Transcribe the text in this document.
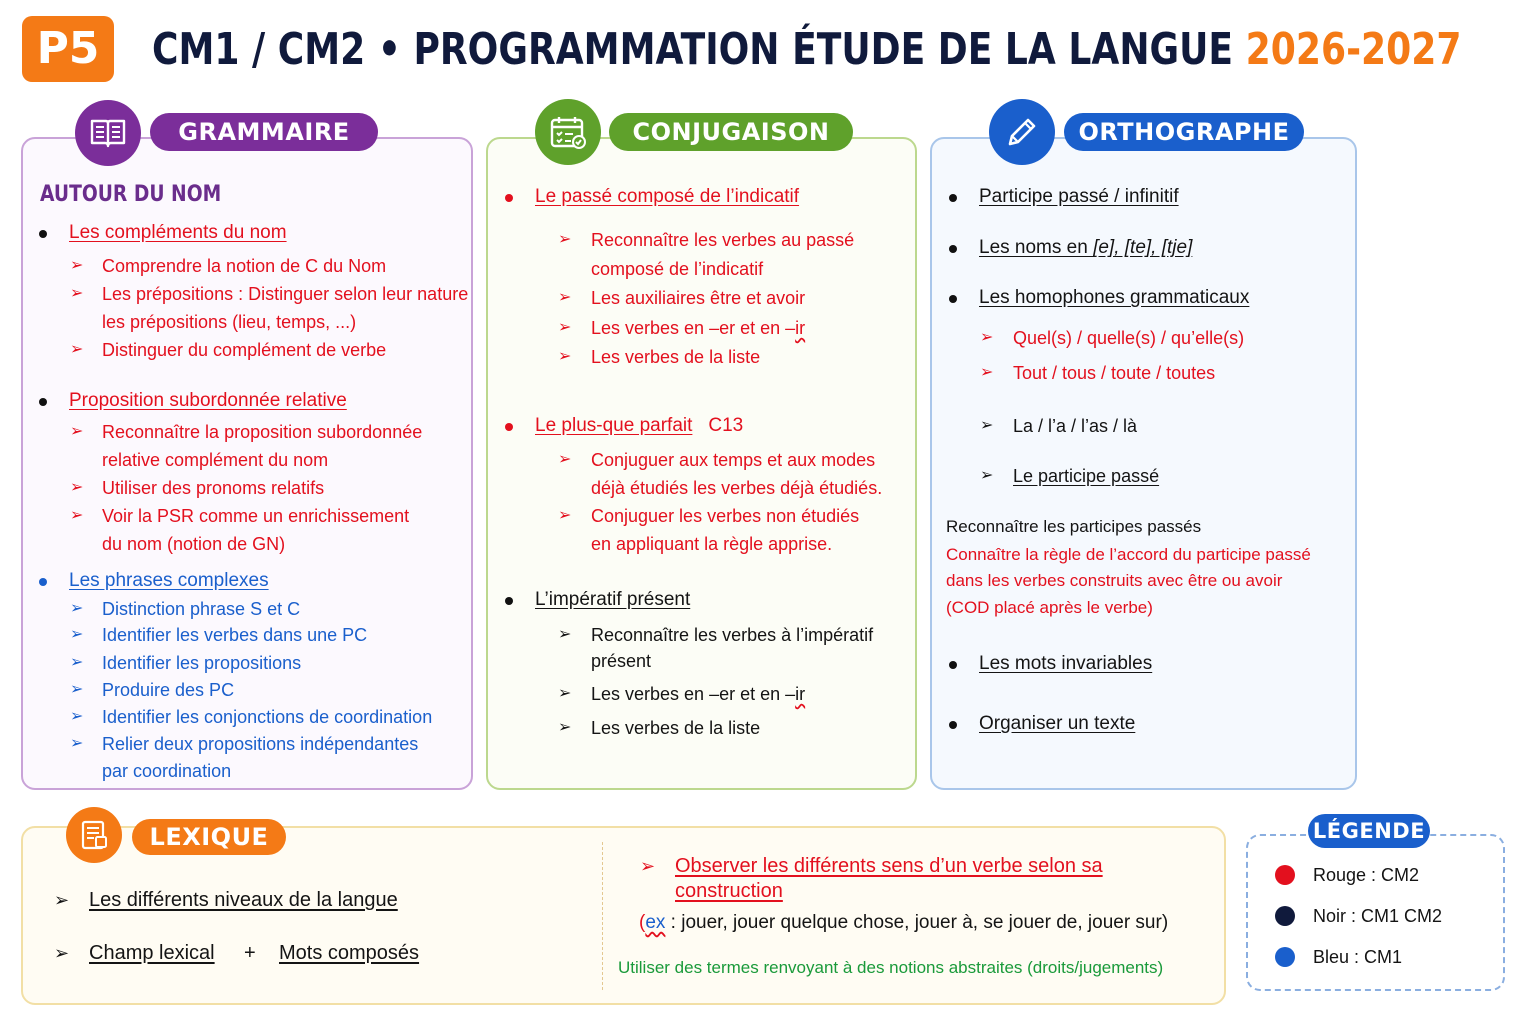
P5	CM1 / CM2 • PROGRAMMATION ÉTUDE DE LA LANGUE 2026-2027
GRAMMAIRE
AUTOUR DU NOM
Les compléments du nom
➢ Comprendre la notion de C du Nom
➢ Les prépositions : Distinguer selon leur nature
les prépositions (lieu, temps, ...)
➢ Distinguer du complément de verbe
Proposition subordonnée relative
➢ Reconnaître la proposition subordonnée
relative complément du nom
➢ Utiliser des pronoms relatifs
➢ Voir la PSR comme un enrichissement
du nom (notion de GN)
Les phrases complexes
➢ Distinction phrase S et C
➢ Identifier les verbes dans une PC
➢ Identifier les propositions
➢ Produire des PC
➢ Identifier les conjonctions de coordination
➢ Relier deux propositions indépendantes
par coordination
CONJUGAISON
Le passé composé de l’indicatif
➢ Reconnaître les verbes au passé
composé de l’indicatif
➢ Les auxiliaires être et avoir
➢ Les verbes en –er et en –ir
➢ Les verbes de la liste
Le plus-que parfait C13
➢ Conjuguer aux temps et aux modes
déjà étudiés les verbes déjà étudiés.
➢ Conjuguer les verbes non étudiés
en appliquant la règle apprise.
L’impératif présent
➢ Reconnaître les verbes à l’impératif
présent
➢ Les verbes en –er et en –ir
➢ Les verbes de la liste
ORTHOGRAPHE
Participe passé / infinitif
Les noms en [e], [te], [tje]
Les homophones grammaticaux
➢ Quel(s) / quelle(s) / qu’elle(s)
➢ Tout / tous / toute / toutes
➢ La / l’a / l’as / là
➢ Le participe passé
Reconnaître les participes passés
Connaître la règle de l’accord du participe passé
dans les verbes construits avec être ou avoir
(COD placé après le verbe)
Les mots invariables
Organiser un texte
LEXIQUE
➢ Les différents niveaux de la langue
➢ Champ lexical + Mots composés
➢ Observer les différents sens d’un verbe selon sa
construction
(ex : jouer, jouer quelque chose, jouer à, se jouer de, jouer sur)
Utiliser des termes renvoyant à des notions abstraites (droits/jugements)
LÉGENDE
Rouge : CM2
Noir : CM1 CM2
Bleu : CM1
